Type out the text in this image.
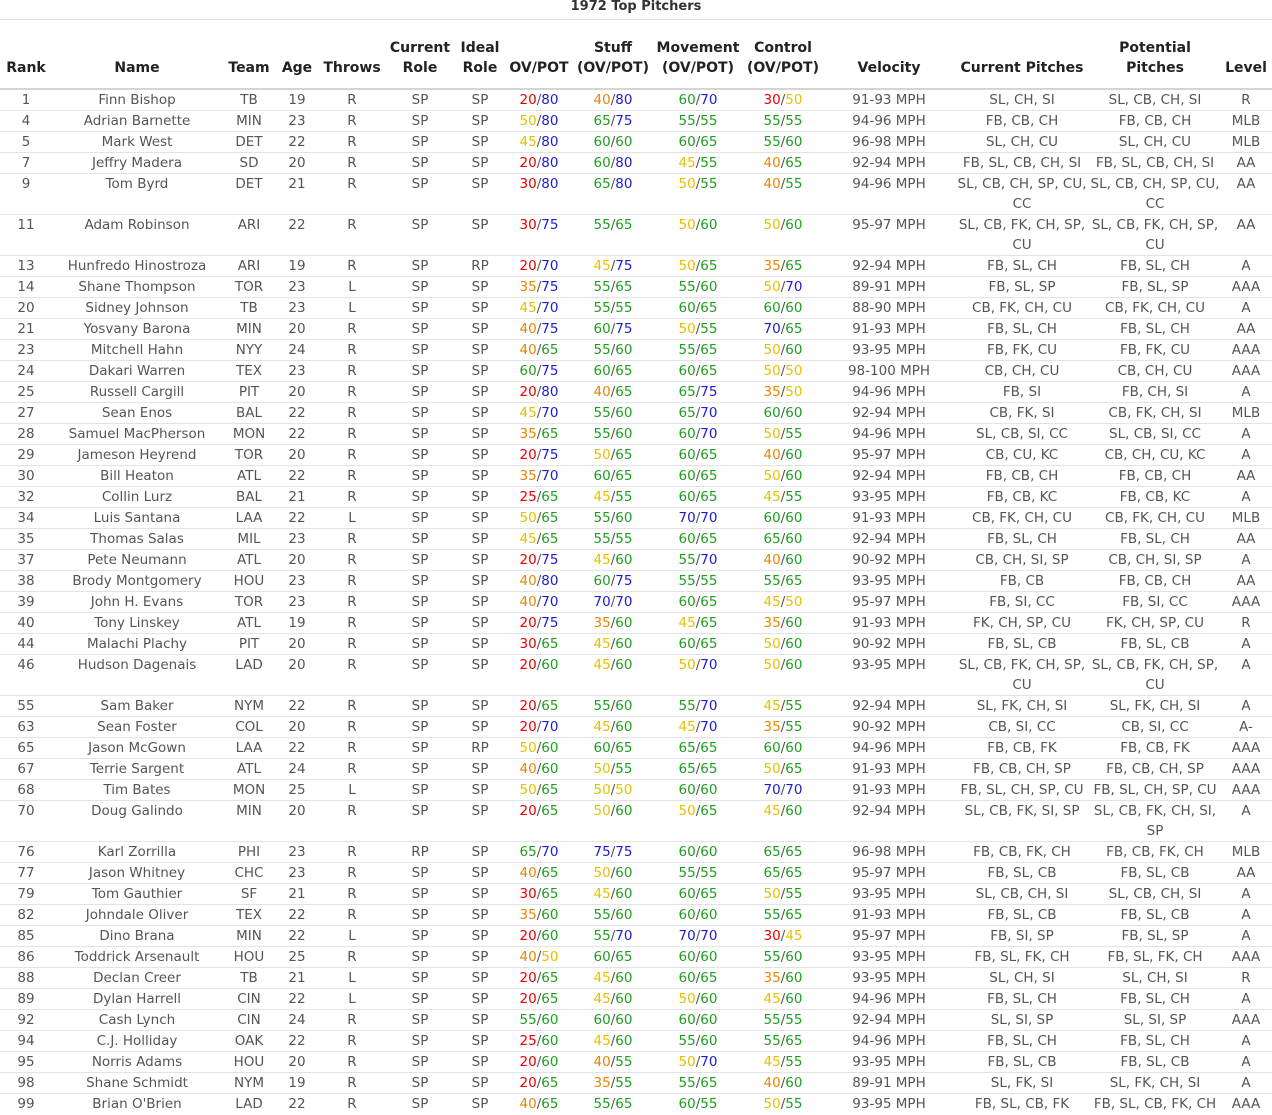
1972 Top Pitchers
Rank	Name	Team	Age	Throws	Current Role	Ideal Role	OV/POT	Stuff (OV/POT)	Movement (OV/POT)	Control (OV/POT)	Velocity	Current Pitches	Potential Pitches	Level
1	Finn Bishop	TB	19	R	SP	SP	20/80	40/80	60/70	30/50	91-93 MPH	SL, CH, SI	SL, CB, CH, SI	R
4	Adrian Barnette	MIN	23	R	SP	SP	50/80	65/75	55/55	55/55	94-96 MPH	FB, CB, CH	FB, CB, CH	MLB
5	Mark West	DET	22	R	SP	SP	45/80	60/60	60/65	55/60	96-98 MPH	SL, CH, CU	SL, CH, CU	MLB
7	Jeffry Madera	SD	20	R	SP	SP	20/80	60/80	45/55	40/65	92-94 MPH	FB, SL, CB, CH, SI	FB, SL, CB, CH, SI	AA
9	Tom Byrd	DET	21	R	SP	SP	30/80	65/80	50/55	40/55	94-96 MPH	SL, CB, CH, SP, CU, CC	SL, CB, CH, SP, CU, CC	AA
11	Adam Robinson	ARI	22	R	SP	SP	30/75	55/65	50/60	50/60	95-97 MPH	SL, CB, FK, CH, SP, CU	SL, CB, FK, CH, SP, CU	AA
13	Hunfredo Hinostroza	ARI	19	R	SP	RP	20/70	45/75	50/65	35/65	92-94 MPH	FB, SL, CH	FB, SL, CH	A
14	Shane Thompson	TOR	23	L	SP	SP	35/75	55/65	55/60	50/70	89-91 MPH	FB, SL, SP	FB, SL, SP	AAA
20	Sidney Johnson	TB	23	L	SP	SP	45/70	55/55	60/65	60/60	88-90 MPH	CB, FK, CH, CU	CB, FK, CH, CU	A
21	Yosvany Barona	MIN	20	R	SP	SP	40/75	60/75	50/55	70/65	91-93 MPH	FB, SL, CH	FB, SL, CH	AA
23	Mitchell Hahn	NYY	24	R	SP	SP	40/65	55/60	55/65	50/60	93-95 MPH	FB, FK, CU	FB, FK, CU	AAA
24	Dakari Warren	TEX	23	R	SP	SP	60/75	60/65	60/65	50/50	98-100 MPH	CB, CH, CU	CB, CH, CU	AAA
25	Russell Cargill	PIT	20	R	SP	SP	20/80	40/65	65/75	35/50	94-96 MPH	FB, SI	FB, CH, SI	A
27	Sean Enos	BAL	22	R	SP	SP	45/70	55/60	65/70	60/60	92-94 MPH	CB, FK, SI	CB, FK, CH, SI	MLB
28	Samuel MacPherson	MON	22	R	SP	SP	35/65	55/60	60/70	50/55	94-96 MPH	SL, CB, SI, CC	SL, CB, SI, CC	A
29	Jameson Heyrend	TOR	20	R	SP	SP	20/75	50/65	60/65	40/60	95-97 MPH	CB, CU, KC	CB, CH, CU, KC	A
30	Bill Heaton	ATL	22	R	SP	SP	35/70	60/65	60/65	50/60	92-94 MPH	FB, CB, CH	FB, CB, CH	AA
32	Collin Lurz	BAL	21	R	SP	SP	25/65	45/55	60/65	45/55	93-95 MPH	FB, CB, KC	FB, CB, KC	A
34	Luis Santana	LAA	22	L	SP	SP	50/65	55/60	70/70	60/60	91-93 MPH	CB, FK, CH, CU	CB, FK, CH, CU	MLB
35	Thomas Salas	MIL	23	R	SP	SP	45/65	55/55	60/65	65/60	92-94 MPH	FB, SL, CH	FB, SL, CH	AA
37	Pete Neumann	ATL	20	R	SP	SP	20/75	45/60	55/70	40/60	90-92 MPH	CB, CH, SI, SP	CB, CH, SI, SP	A
38	Brody Montgomery	HOU	23	R	SP	SP	40/80	60/75	55/55	55/65	93-95 MPH	FB, CB	FB, CB, CH	AA
39	John H. Evans	TOR	23	R	SP	SP	40/70	70/70	60/65	45/50	95-97 MPH	FB, SI, CC	FB, SI, CC	AAA
40	Tony Linskey	ATL	19	R	SP	SP	20/75	35/60	45/65	35/60	91-93 MPH	FK, CH, SP, CU	FK, CH, SP, CU	R
44	Malachi Plachy	PIT	20	R	SP	SP	30/65	45/60	60/65	50/60	90-92 MPH	FB, SL, CB	FB, SL, CB	A
46	Hudson Dagenais	LAD	20	R	SP	SP	20/60	45/60	50/70	50/60	93-95 MPH	SL, CB, FK, CH, SP, CU	SL, CB, FK, CH, SP, CU	A
55	Sam Baker	NYM	22	R	SP	SP	20/65	55/60	55/70	45/55	92-94 MPH	SL, FK, CH, SI	SL, FK, CH, SI	A
63	Sean Foster	COL	20	R	SP	SP	20/70	45/60	45/70	35/55	90-92 MPH	CB, SI, CC	CB, SI, CC	A-
65	Jason McGown	LAA	22	R	SP	RP	50/60	60/65	65/65	60/60	94-96 MPH	FB, CB, FK	FB, CB, FK	AAA
67	Terrie Sargent	ATL	24	R	SP	SP	40/60	50/55	65/65	50/65	91-93 MPH	FB, CB, CH, SP	FB, CB, CH, SP	AAA
68	Tim Bates	MON	25	L	SP	SP	50/65	50/50	60/60	70/70	91-93 MPH	FB, SL, CH, SP, CU	FB, SL, CH, SP, CU	AAA
70	Doug Galindo	MIN	20	R	SP	SP	20/65	50/60	50/65	45/60	92-94 MPH	SL, CB, FK, SI, SP	SL, CB, FK, CH, SI, SP	A
76	Karl Zorrilla	PHI	23	R	RP	SP	65/70	75/75	60/60	65/65	96-98 MPH	FB, CB, FK, CH	FB, CB, FK, CH	MLB
77	Jason Whitney	CHC	23	R	SP	SP	40/65	50/60	55/55	65/65	95-97 MPH	FB, SL, CB	FB, SL, CB	AA
79	Tom Gauthier	SF	21	R	SP	SP	30/65	45/60	60/65	50/55	93-95 MPH	SL, CB, CH, SI	SL, CB, CH, SI	A
82	Johndale Oliver	TEX	22	R	SP	SP	35/60	55/60	60/60	55/65	91-93 MPH	FB, SL, CB	FB, SL, CB	A
85	Dino Brana	MIN	22	L	SP	SP	20/60	55/70	70/70	30/45	95-97 MPH	FB, SI, SP	FB, SL, SP	A
86	Toddrick Arsenault	HOU	25	R	SP	SP	40/50	60/65	60/60	55/60	93-95 MPH	FB, SL, FK, CH	FB, SL, FK, CH	AAA
88	Declan Creer	TB	21	L	SP	SP	20/65	45/60	60/65	35/60	93-95 MPH	SL, CH, SI	SL, CH, SI	R
89	Dylan Harrell	CIN	22	L	SP	SP	20/65	45/60	50/60	45/60	94-96 MPH	FB, SL, CH	FB, SL, CH	A
92	Cash Lynch	CIN	24	R	SP	SP	55/60	60/60	60/60	55/55	92-94 MPH	SL, SI, SP	SL, SI, SP	AAA
94	C.J. Holliday	OAK	22	R	SP	SP	25/60	45/60	55/60	55/65	94-96 MPH	FB, SL, CH	FB, SL, CH	A
95	Norris Adams	HOU	20	R	SP	SP	20/60	40/55	50/70	45/55	93-95 MPH	FB, SL, CB	FB, SL, CB	A
98	Shane Schmidt	NYM	19	R	SP	SP	20/65	35/55	55/65	40/60	89-91 MPH	SL, FK, SI	SL, FK, CH, SI	A
99	Brian O'Brien	LAD	22	R	SP	SP	40/65	55/65	60/55	50/55	93-95 MPH	FB, SL, CB, FK	FB, SL, CB, FK, CH	AAA
